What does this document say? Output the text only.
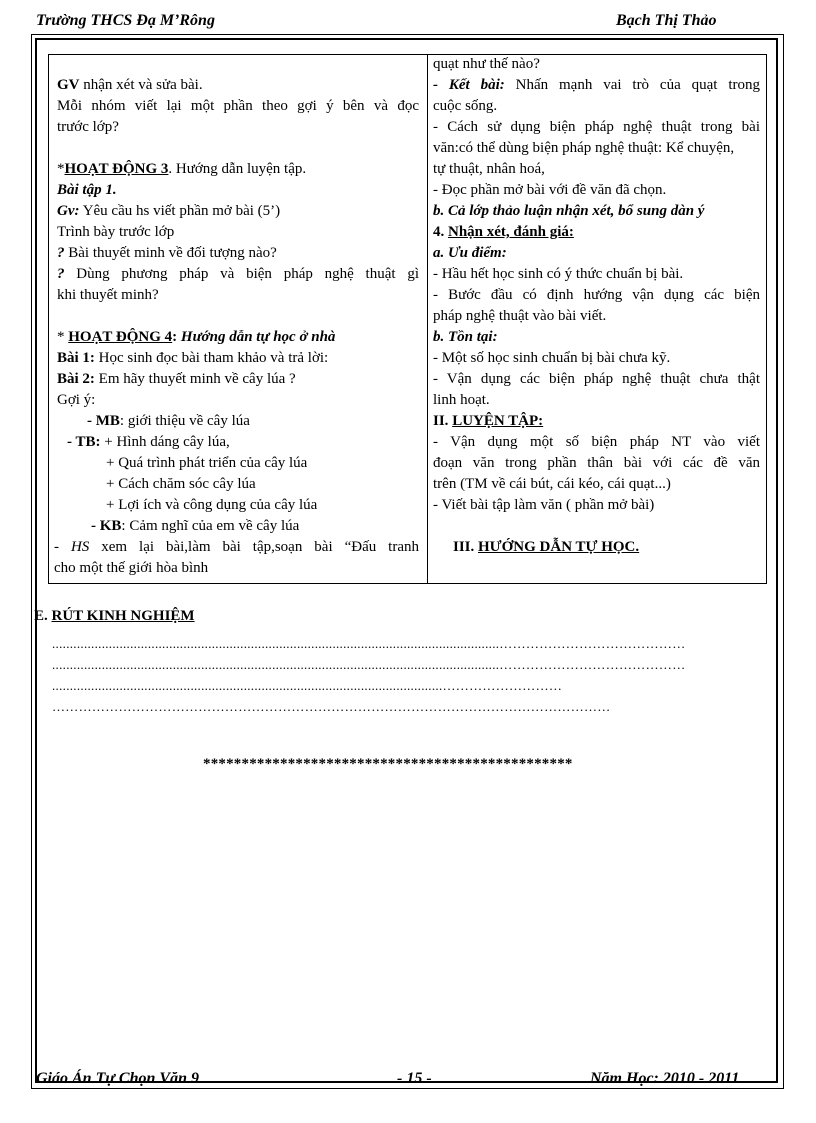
Trường THCS Đạ M’Rông	Bạch Thị Thảo
GV nhận xét và sửa bài.
Mỗi nhóm viết lại một phần theo gợi ý bên và đọc
trước lớp?
*HOẠT ĐỘNG 3. Hướng dẫn luyện tập.
Bài tập 1.
Gv: Yêu cầu hs viết phần mở bài (5’)
Trình bày trước lớp
? Bài thuyết minh về đối tượng nào?
? Dùng phương pháp và biện pháp nghệ thuật gì
khi thuyết minh?
* HOẠT ĐỘNG 4: Hướng dẫn tự học ở nhà
Bài 1: Học sinh đọc bài tham khảo và trả lời:
Bài 2: Em hãy thuyết minh về cây lúa ?
Gợi ý:
- MB: giới thiệu về cây lúa
- TB: + Hình dáng cây lúa,
+ Quá trình phát triển của cây lúa
+ Cách chăm sóc cây lúa
+ Lợi ích và công dụng của cây lúa
- KB: Cảm nghĩ của em về cây lúa
- HS xem lại bài,làm bài tập,soạn bài “Đấu tranh
cho một thế giới hòa bình
quạt như thế nào?
- Kết bài: Nhấn mạnh vai trò của quạt trong
cuộc sống.
- Cách sử dụng biện pháp nghệ thuật trong bài
văn:có thể dùng biện pháp nghệ thuật: Kể chuyện,
tự thuật, nhân hoá,
- Đọc phần mở bài với đề văn đã chọn.
b. Cả lớp thảo luận nhận xét, bổ sung dàn ý
4. Nhận xét, đánh giá:
a. Ưu điểm:
- Hầu hết học sinh có ý thức chuẩn bị bài.
- Bước đầu có định hướng vận dụng các biện
pháp nghệ thuật vào bài viết.
b. Tồn tại:
- Một số học sinh chuẩn bị bài chưa kỹ.
- Vận dụng các biện pháp nghệ thuật chưa thật
linh hoạt.
II. LUYỆN TẬP:
- Vận dụng một số biện pháp NT vào viết
đoạn văn trong phần thân bài với các đề văn
trên (TM về cái bút, cái kéo, cái quạt...)
- Viết bài tập làm văn ( phần mở bài)
III. HƯỚNG DẪN TỰ HỌC.
E. RÚT KINH NGHIỆM
..............................................................................................................................……………………………………
..............................................................................................................................……………………………………
..............................................................................................................………………………
………………………………………………………………………………………………………………
************************************************
Giáo Án Tự Chọn Văn 9	- 15 -	Năm Học: 2010 - 2011
